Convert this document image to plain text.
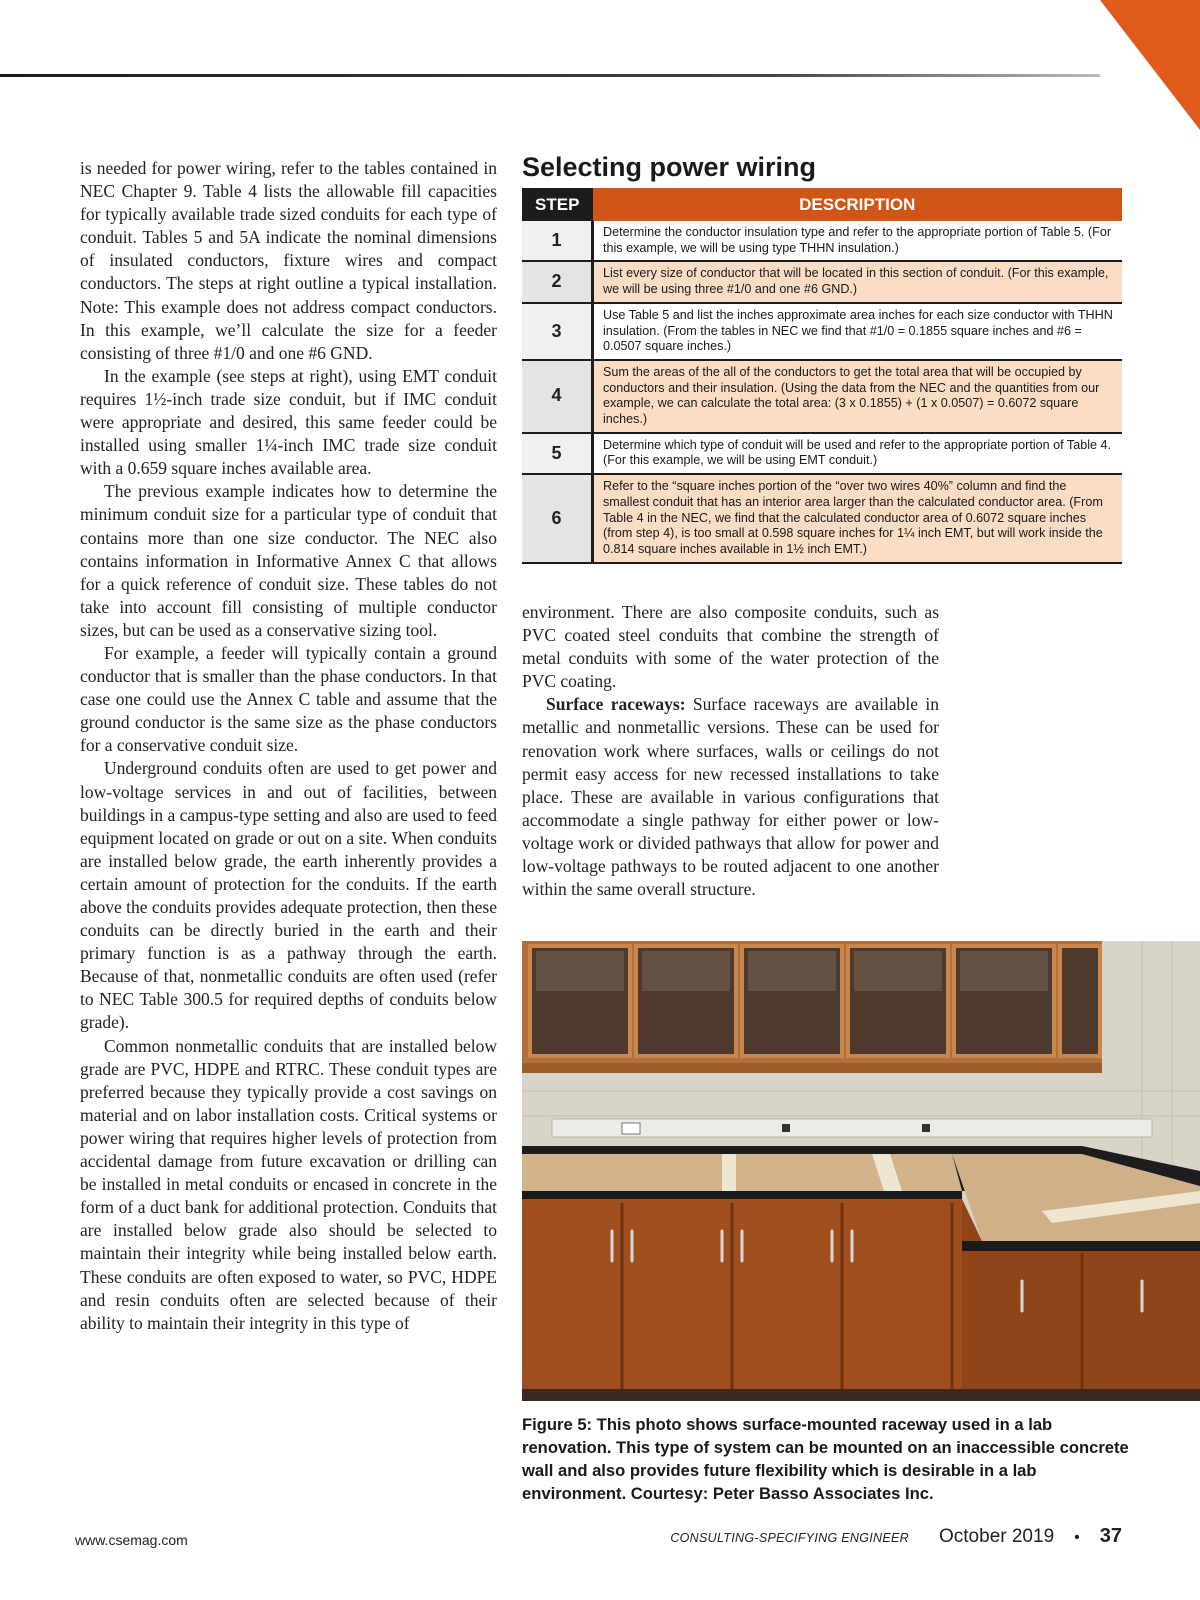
is needed for power wiring, refer to the tables contained in NEC Chapter 9. Table 4 lists the allowable fill capacities for typically available trade sized conduits for each type of conduit. Tables 5 and 5A indicate the nominal dimensions of insulated conductors, fixture wires and compact conductors. The steps at right outline a typical installation. Note: This example does not address compact conductors. In this example, we’ll calculate the size for a feeder consisting of three #1/0 and one #6 GND.

In the example (see steps at right), using EMT conduit requires 1½-inch trade size conduit, but if IMC conduit were appropriate and desired, this same feeder could be installed using smaller 1¼-inch IMC trade size conduit with a 0.659 square inches available area.

The previous example indicates how to determine the minimum conduit size for a particular type of conduit that contains more than one size conductor. The NEC also contains information in Informative Annex C that allows for a quick reference of conduit size. These tables do not take into account fill consisting of multiple conductor sizes, but can be used as a conservative sizing tool.

For example, a feeder will typically contain a ground conductor that is smaller than the phase conductors. In that case one could use the Annex C table and assume that the ground conductor is the same size as the phase conductors for a conservative conduit size.

Underground conduits often are used to get power and low-voltage services in and out of facilities, between buildings in a campus-type setting and also are used to feed equipment located on grade or out on a site. When conduits are installed below grade, the earth inherently provides a certain amount of protection for the conduits. If the earth above the conduits provides adequate protection, then these conduits can be directly buried in the earth and their primary function is as a pathway through the earth. Because of that, nonmetallic conduits are often used (refer to NEC Table 300.5 for required depths of conduits below grade).

Common nonmetallic conduits that are installed below grade are PVC, HDPE and RTRC. These conduit types are preferred because they typically provide a cost savings on material and on labor installation costs. Critical systems or power wiring that requires higher levels of protection from accidental damage from future excavation or drilling can be installed in metal conduits or encased in concrete in the form of a duct bank for additional protection. Conduits that are installed below grade also should be selected to maintain their integrity while being installed below earth. These conduits are often exposed to water, so PVC, HDPE and resin conduits often are selected because of their ability to maintain their integrity in this type of

Selecting power wiring
STEP	DESCRIPTION
1	Determine the conductor insulation type and refer to the appropriate portion of Table 5. (For this example, we will be using type THHN insulation.)
2	List every size of conductor that will be located in this section of conduit. (For this example, we will be using three #1/0 and one #6 GND.)
3	Use Table 5 and list the inches approximate area inches for each size conductor with THHN insulation. (From the tables in NEC we find that #1/0 = 0.1855 square inches and #6 = 0.0507 square inches.)
4	Sum the areas of the all of the conductors to get the total area that will be occupied by conductors and their insulation. (Using the data from the NEC and the quantities from our example, we can calculate the total area: (3 x 0.1855) + (1 x 0.0507) = 0.6072 square inches.)
5	Determine which type of conduit will be used and refer to the appropriate portion of Table 4. (For this example, we will be using EMT conduit.)
6	Refer to the “square inches portion of the “over two wires 40%” column and find the smallest conduit that has an interior area larger than the calculated conductor area. (From Table 4 in the NEC, we find that the calculated conductor area of 0.6072 square inches (from step 4), is too small at 0.598 square inches for 1¼ inch EMT, but will work inside the 0.814 square inches available in 1½ inch EMT.)

environment. There are also composite conduits, such as PVC coated steel conduits that combine the strength of metal conduits with some of the water protection of the PVC coating.

Surface raceways: Surface raceways are available in metallic and nonmetallic versions. These can be used for renovation work where surfaces, walls or ceilings do not permit easy access for new recessed installations to take place. These are available in various configurations that accommodate a single pathway for either power or low-voltage work or divided pathways that allow for power and low-voltage pathways to be routed adjacent to one another within the same overall structure.

Figure 5: This photo shows surface-mounted raceway used in a lab renovation. This type of system can be mounted on an inaccessible concrete wall and also provides future flexibility which is desirable in a lab environment. Courtesy: Peter Basso Associates Inc.

www.csemag.com	CONSULTING-SPECIFYING ENGINEER October 2019 • 37
